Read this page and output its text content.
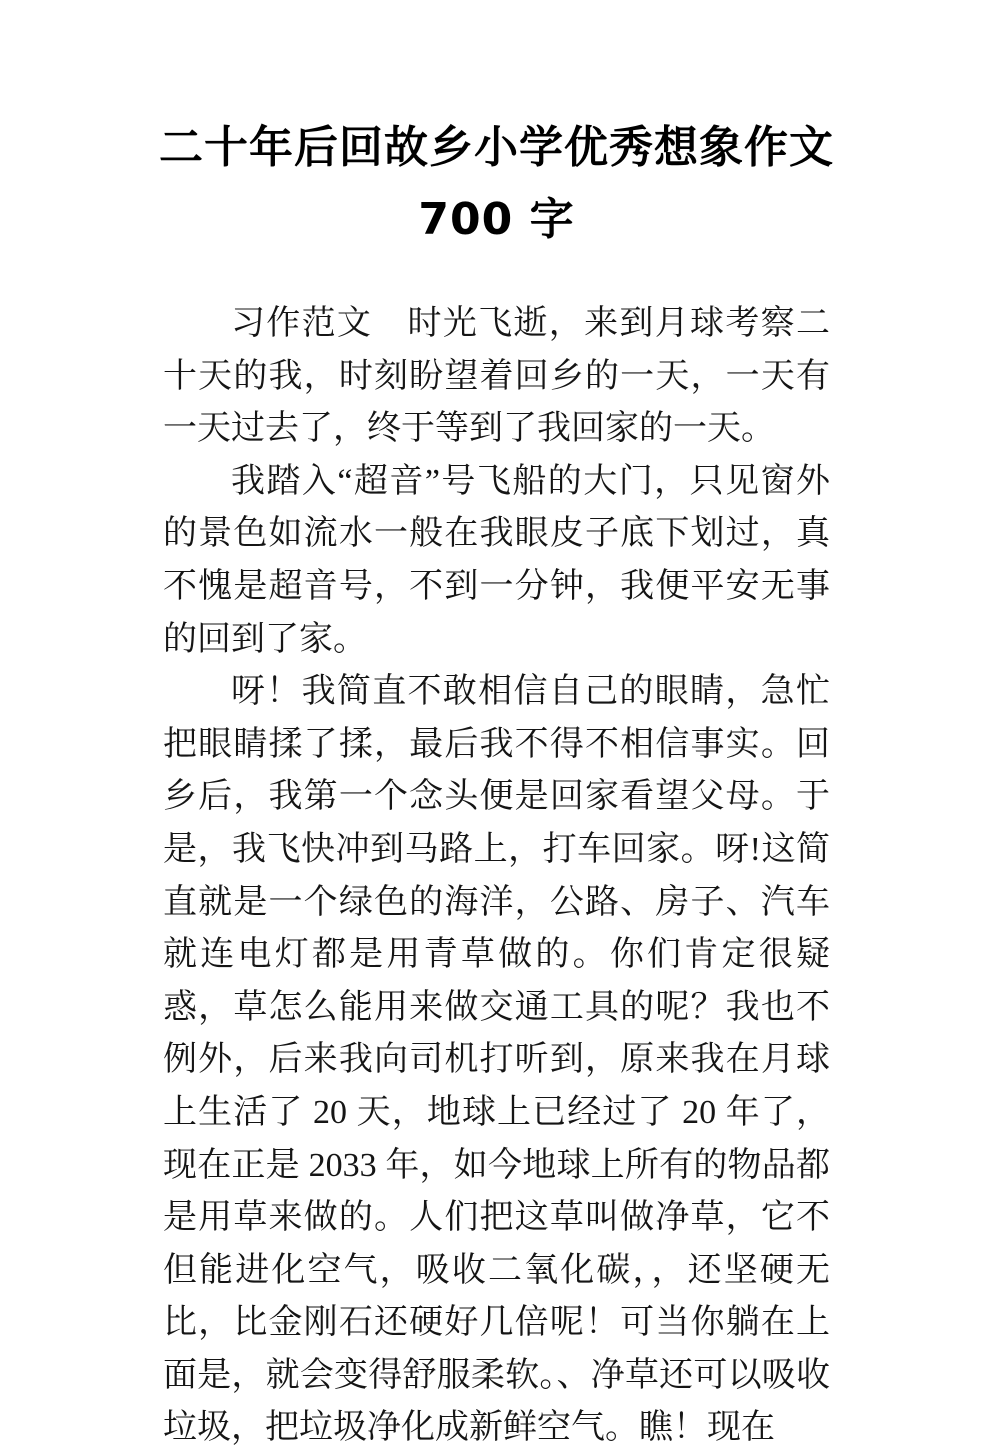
二十年后回故乡小学优秀想象作文
700 字

习作范文　时光飞逝，来到月球考察二十天的我，时刻盼望着回乡的一天，一天有一天过去了，终于等到了我回家的一天。

我踏入“超音”号飞船的大门，只见窗外的景色如流水一般在我眼皮子底下划过，真不愧是超音号，不到一分钟，我便平安无事的回到了家。

呀！我简直不敢相信自己的眼睛，急忙把眼睛揉了揉，最后我不得不相信事实。回乡后，我第一个念头便是回家看望父母。于是，我飞快冲到马路上，打车回家。呀!这简直就是一个绿色的海洋，公路、房子、汽车就连电灯都是用青草做的。你们肯定很疑惑，草怎么能用来做交通工具的呢？我也不例外，后来我向司机打听到，原来我在月球上生活了 20 天，地球上已经过了 20 年了，现在正是 2033 年，如今地球上所有的物品都是用草来做的。人们把这草叫做净草，它不但能进化空气，吸收二氧化碳，，还坚硬无比，比金刚石还硬好几倍呢！可当你躺在上面是，就会变得舒服柔软。、净草还可以吸收垃圾，把垃圾净化成新鲜空气。瞧！现在
